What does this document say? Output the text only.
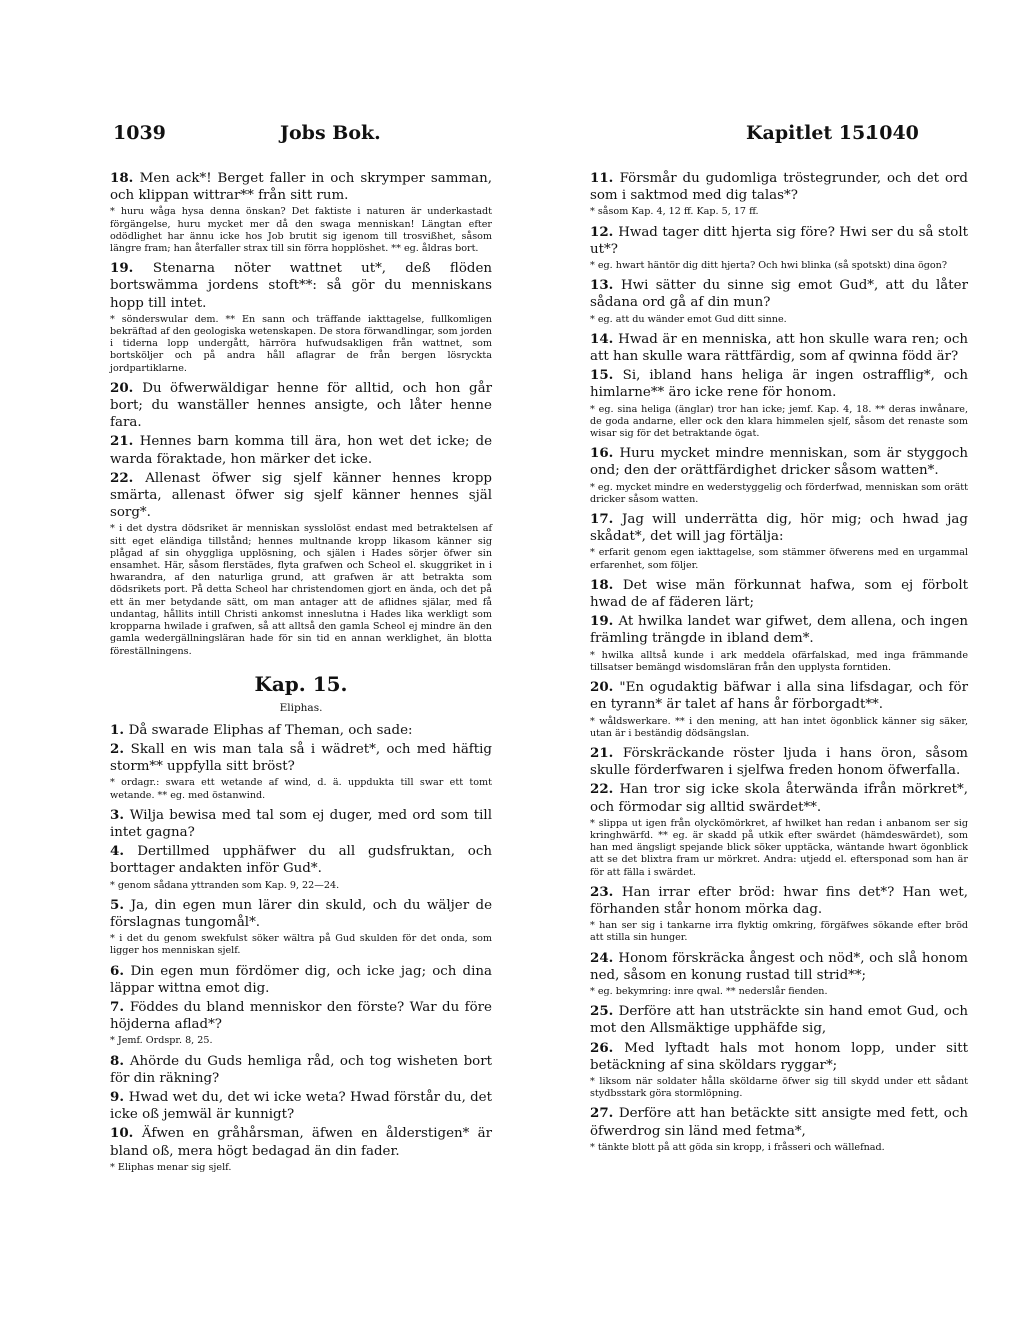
1039	Jobs Bok.	Kapitlet 15.
1040

18. Men ack*! Berget faller in och skrymper samman, och klippan wittrar** från sitt rum.

* huru wåga hysa denna önskan? Det faktiste i naturen är underkastadt förgängelse, huru mycket mer då den swaga menniskan! Längtan efter odödlighet har ännu icke hos Job brutit sig igenom till trosvißhet, såsom längre fram; han återfaller strax till sin förra hopplöshet. ** eg. åldras bort.

19. Stenarna nöter wattnet ut*, deß flöden bortswämma jordens stoft**: så gör du menniskans hopp till intet.

* sönderswular dem. ** En sann och träffande iakttagelse, fullkomligen bekräftad af den geologiska wetenskapen. De stora förwandlingar, som jorden i tiderna lopp undergått, härröra hufwudsakligen från wattnet, som bortsköljer och på andra håll aflagrar de från bergen lösryckta jordpartiklarne.

20. Du öfwerwäldigar henne för alltid, och hon går bort; du wanställer hennes ansigte, och låter henne fara.

21. Hennes barn komma till ära, hon wet det icke; de warda föraktade, hon märker det icke.

22. Allenast öfwer sig sjelf känner hennes kropp smärta, allenast öfwer sig sjelf känner hennes själ sorg*.

* i det dystra dödsriket är menniskan sysslolöst endast med betraktelsen af sitt eget eländiga tillstånd; hennes multnande kropp likasom känner sig plågad af sin ohyggliga upplösning, och själen i Hades sörjer öfwer sin ensamhet. Här, såsom flerstädes, flyta grafwen och Scheol el. skuggriket in i hwarandra, af den naturliga grund, att grafwen är att betrakta som dödsrikets port. På detta Scheol har christendomen gjort en ända, och det på ett än mer betydande sätt, om man antager att de aflidnes själar, med få undantag, hållits intill Christi ankomst inneslutna i Hades lika werkligt som kropparna hwilade i grafwen, så att alltså den gamla Scheol ej mindre än den gamla wedergällningsläran hade för sin tid en annan werklighet, än blotta föreställningens.

Kap. 15.
Eliphas.

1. Då swarade Eliphas af Theman, och sade:

2. Skall en wis man tala så i wädret*, och med häftig storm** uppfylla sitt bröst?

* ordagr.: swara ett wetande af wind, d. ä. uppdukta till swar ett tomt wetande. ** eg. med östanwind.

3. Wilja bewisa med tal som ej duger, med ord som till intet gagna?

4. Dertillmed upphäfwer du all gudsfruktan, och borttager andakten inför Gud*.

* genom sådana yttranden som Kap. 9, 22—24.

5. Ja, din egen mun lärer din skuld, och du wäljer de förslagnas tungomål*.

* i det du genom swekfulst söker wältra på Gud skulden för det onda, som ligger hos menniskan sjelf.

6. Din egen mun fördömer dig, och icke jag; och dina läppar wittna emot dig.

7. Föddes du bland menniskor den förste? War du före höjderna aflad*?

* Jemf. Ordspr. 8, 25.

8. Ahörde du Guds hemliga råd, och tog wisheten bort för din räkning?

9. Hwad wet du, det wi icke weta? Hwad förstår du, det icke oß jemwäl är kunnigt?

10. Äfwen en gråhårsman, äfwen en ålderstigen* är bland oß, mera högt bedagad än din fader.

* Eliphas menar sig sjelf.

11. Försmår du gudomliga tröstegrunder, och det ord som i saktmod med dig talas*?

* såsom Kap. 4, 12 ff. Kap. 5, 17 ff.

12. Hwad tager ditt hjerta sig före? Hwi ser du så stolt ut*?

* eg. hwart häntör dig ditt hjerta? Och hwi blinka (så spotskt) dina ögon?

13. Hwi sätter du sinne sig emot Gud*, att du låter sådana ord gå af din mun?

* eg. att du wänder emot Gud ditt sinne.

14. Hwad är en menniska, att hon skulle wara ren; och att han skulle wara rättfärdig, som af qwinna född är?

15. Si, ibland hans heliga är ingen ostrafflig*, och himlarne** äro icke rene för honom.

* eg. sina heliga (änglar) tror han icke; jemf. Kap. 4, 18. ** deras inwånare, de goda andarne, eller ock den klara himmelen sjelf, såsom det renaste som wisar sig för det betraktande ögat.

16. Huru mycket mindre menniskan, som är styggoch ond; den der orättfärdighet dricker såsom watten*.

* eg. mycket mindre en wederstyggelig och förderfwad, menniskan som orätt dricker såsom watten.

17. Jag will underrätta dig, hör mig; och hwad jag skådat*, det will jag förtälja:

* erfarit genom egen iakttagelse, som stämmer öfwerens med en urgammal erfarenhet, som följer.

18. Det wise män förkunnat hafwa, som ej förbolt hwad de af fäderen lärt;

19. At hwilka landet war gifwet, dem allena, och ingen främling trängde in ibland dem*.

* hwilka alltså kunde i ark meddela ofärfalskad, med inga främmande tillsatser bemängd wisdomsläran från den upplysta forntiden.

20. "En ogudaktig bäfwar i alla sina lifsdagar, och för en tyrann* är talet af hans år förborgadt**.

* wåldswerkare. ** i den mening, att han intet ögonblick känner sig säker, utan är i beständig dödsängslan.

21. Förskräckande röster ljuda i hans öron, såsom skulle förderfwaren i sjelfwa freden honom öfwerfalla.

22. Han tror sig icke skola återwända ifrån mörkret*, och förmodar sig alltid swärdet**.

* slippa ut igen från olyckömörkret, af hwilket han redan i anbanom ser sig kringhwärfd. ** eg. är skadd på utkik efter swärdet (hämdeswärdet), som han med ängsligt spejande blick söker upptäcka, wäntande hwart ögonblick att se det blixtra fram ur mörkret. Andra: utjedd el. eftersponad som han är för att fälla i swärdet.

23. Han irrar efter bröd: hwar fins det*? Han wet, förhanden står honom mörka dag.

* han ser sig i tankarne irra flyktig omkring, förgäfwes sökande efter bröd att stilla sin hunger.

24. Honom förskräcka ångest och nöd*, och slå honom ned, såsom en konung rustad till strid**;

* eg. bekymring: inre qwal. ** nederslår fienden.

25. Derföre att han utsträckte sin hand emot Gud, och mot den Allsmäktige upphäfde sig,

26. Med lyftadt hals mot honom lopp, under sitt betäckning af sina sköldars ryggar*;

* liksom när soldater hålla sköldarne öfwer sig till skydd under ett sådant stydbsstark göra stormlöpning.

27. Derföre att han betäckte sitt ansigte med fett, och öfwerdrog sin länd med fetma*,

* tänkte blott på att göda sin kropp, i fråsseri och wällefnad.
